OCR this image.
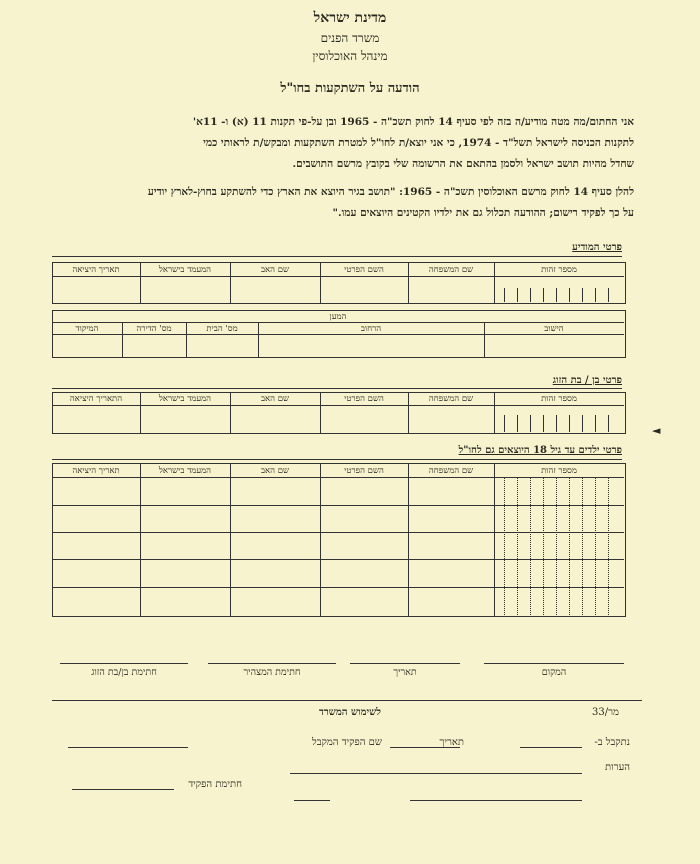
מדינת ישראל
משרד הפנים
מינהל האוכלוסין
הודעה על השתקעות בחו"ל
אני החתום/מה מטה מודיע/ה בזה לפי סעיף 14 לחוק תשכ"ה - 1965 ובן על-פי תקנות 11 (א) ו- 11א'
לתקנות הכניסה לישראל תשל"ד - 1974, כי אני יוצא/ת לחו"ל למטרת השתקעות ומבקש/ת לראותי כמי
שחדל מהיות תושב ישראל ולסמן בהתאם את הרשומה שלי בקובץ מרשם התושבים.
להלן סעיף 14 לחוק מרשם האוכלוסין תשכ"ה - 1965: "תושב בגיר היוצא את הארץ כדי להשתקע בחוץ-לארץ יודיע
על כך לפקיד רישום; ההודעה תכלול גם את ילדיו הקטינים היוצאים עמו."
פרטי המודיע
מספר זהות
שם המשפחה
השם הפרטי
שם האב
המעמד בישראל
תאריך היציאה
המען
הישוב
הרחוב
מס' הבית
מס' הדירה
המיקוד
פרטי בן / בת הזוג
מספר זהות
שם המשפחה
השם הפרטי
שם האב
המעמד בישראל
התאריך היציאה
◄
פרטי ילדים עד גיל 18 היוצאים גם לחו"ל
מספר זהות
שם המשפחה
השם הפרטי
שם האב
המעמד בישראל
תאריך היציאה
המקום
תאריך
חתימת המצהיר
חתימת בן/בת הזוג
לשימוש המשרד	מר/33
נתקבל ב-
תאריך
שם הפקיד המקבל
הערות
חתימת הפקיד
